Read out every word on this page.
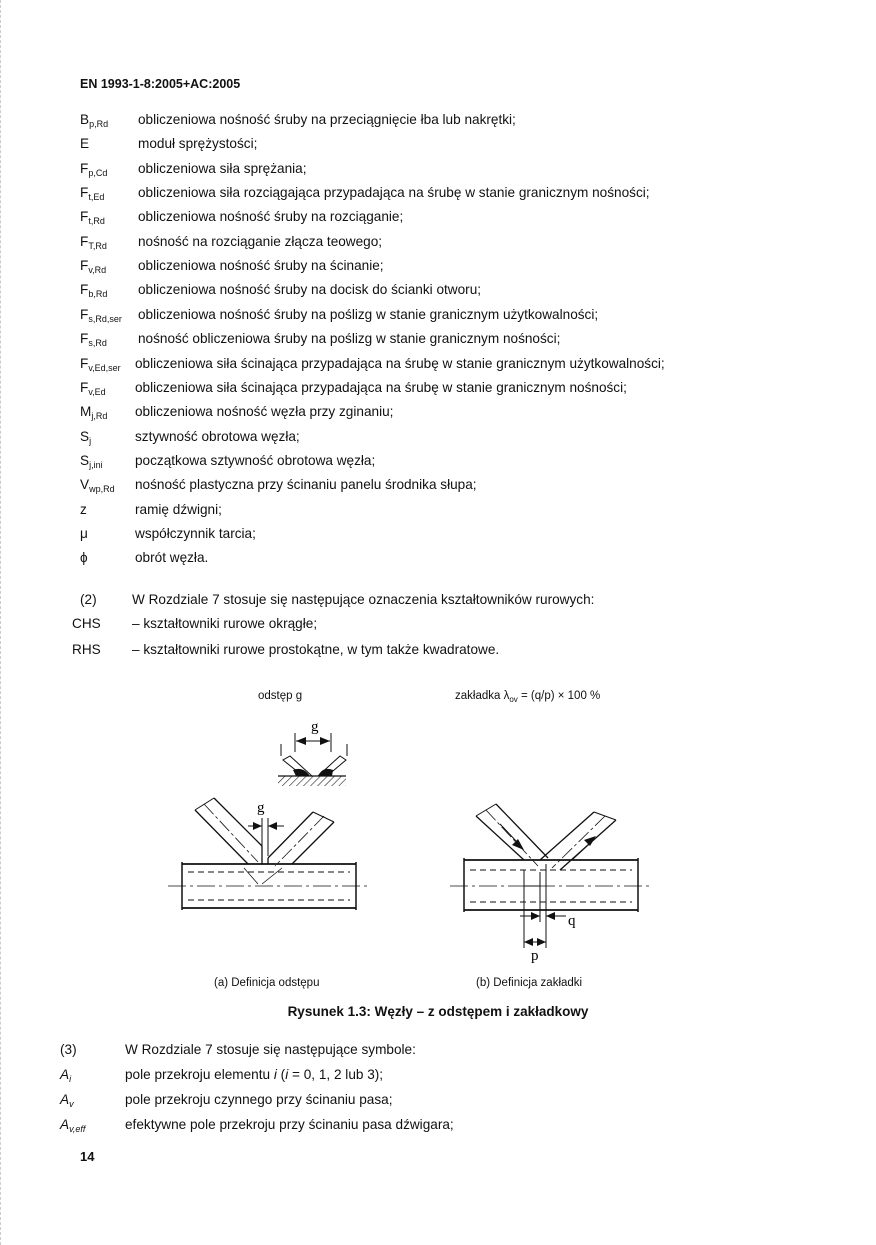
EN 1993-1-8:2005+AC:2005
$B_{p,Rd}$ obliczeniowa nośność śruby na przeciągnięcie łba lub nakrętki;
E	moduł sprężystości;
$F_{p,Cd}$ obliczeniowa siła sprężania;
$F_{t,Ed}$ obliczeniowa siła rozciągająca przypadająca na śrubę w stanie granicznym nośności;
$F_{t,Rd}$ obliczeniowa nośność śruby na rozciąganie;
$F_{T,Rd}$ nośność na rozciąganie złącza teowego;
$F_{v,Rd}$ obliczeniowa nośność śruby na ścinanie;
$F_{b,Rd}$ obliczeniowa nośność śruby na docisk do ścianki otworu;
$F_{s,Rd,ser}$ obliczeniowa nośność śruby na poślizg w stanie granicznym użytkowalności;
$F_{s,Rd}$ nośność obliczeniowa śruby na poślizg w stanie granicznym nośności;
$F_{v,Ed,ser}$ obliczeniowa siła ścinająca przypadająca na śrubę w stanie granicznym użytkowalności;
$F_{v,Ed}$ obliczeniowa siła ścinająca przypadająca na śrubę w stanie granicznym nośności;
$M_{j,Rd}$ obliczeniowa nośność węzła przy zginaniu;
$S_j$	sztywność obrotowa węzła;
$S_{j,ini}$ początkowa sztywność obrotowa węzła;
$V_{wp,Rd}$ nośność plastyczna przy ścinaniu panelu środnika słupa;
z	ramię dźwigni;
μ	współczynnik tarcia;
ϕ	obrót węzła.
(2)	W Rozdziale 7 stosuje się następujące oznaczenia kształtowników rurowych:
CHS – kształtowniki rurowe okrągłe;
RHS – kształtowniki rurowe prostokątne, w tym także kwadratowe.
odstęp g	zakładka $\lambda_{ov} = (q/p) \times 100$ %
g
g
q
p
(a) Definicja odstępu	(b) Definicja zakładki
Rysunek 1.3: Węzły – z odstępem i zakładkowy
(3)	W Rozdziale 7 stosuje się następujące symbole:
$A_i$	pole przekroju elementu i (i = 0, 1, 2 lub 3);
$A_v$	pole przekroju czynnego przy ścinaniu pasa;
$A_{v,eff}$	efektywne pole przekroju przy ścinaniu pasa dźwigara;
14
